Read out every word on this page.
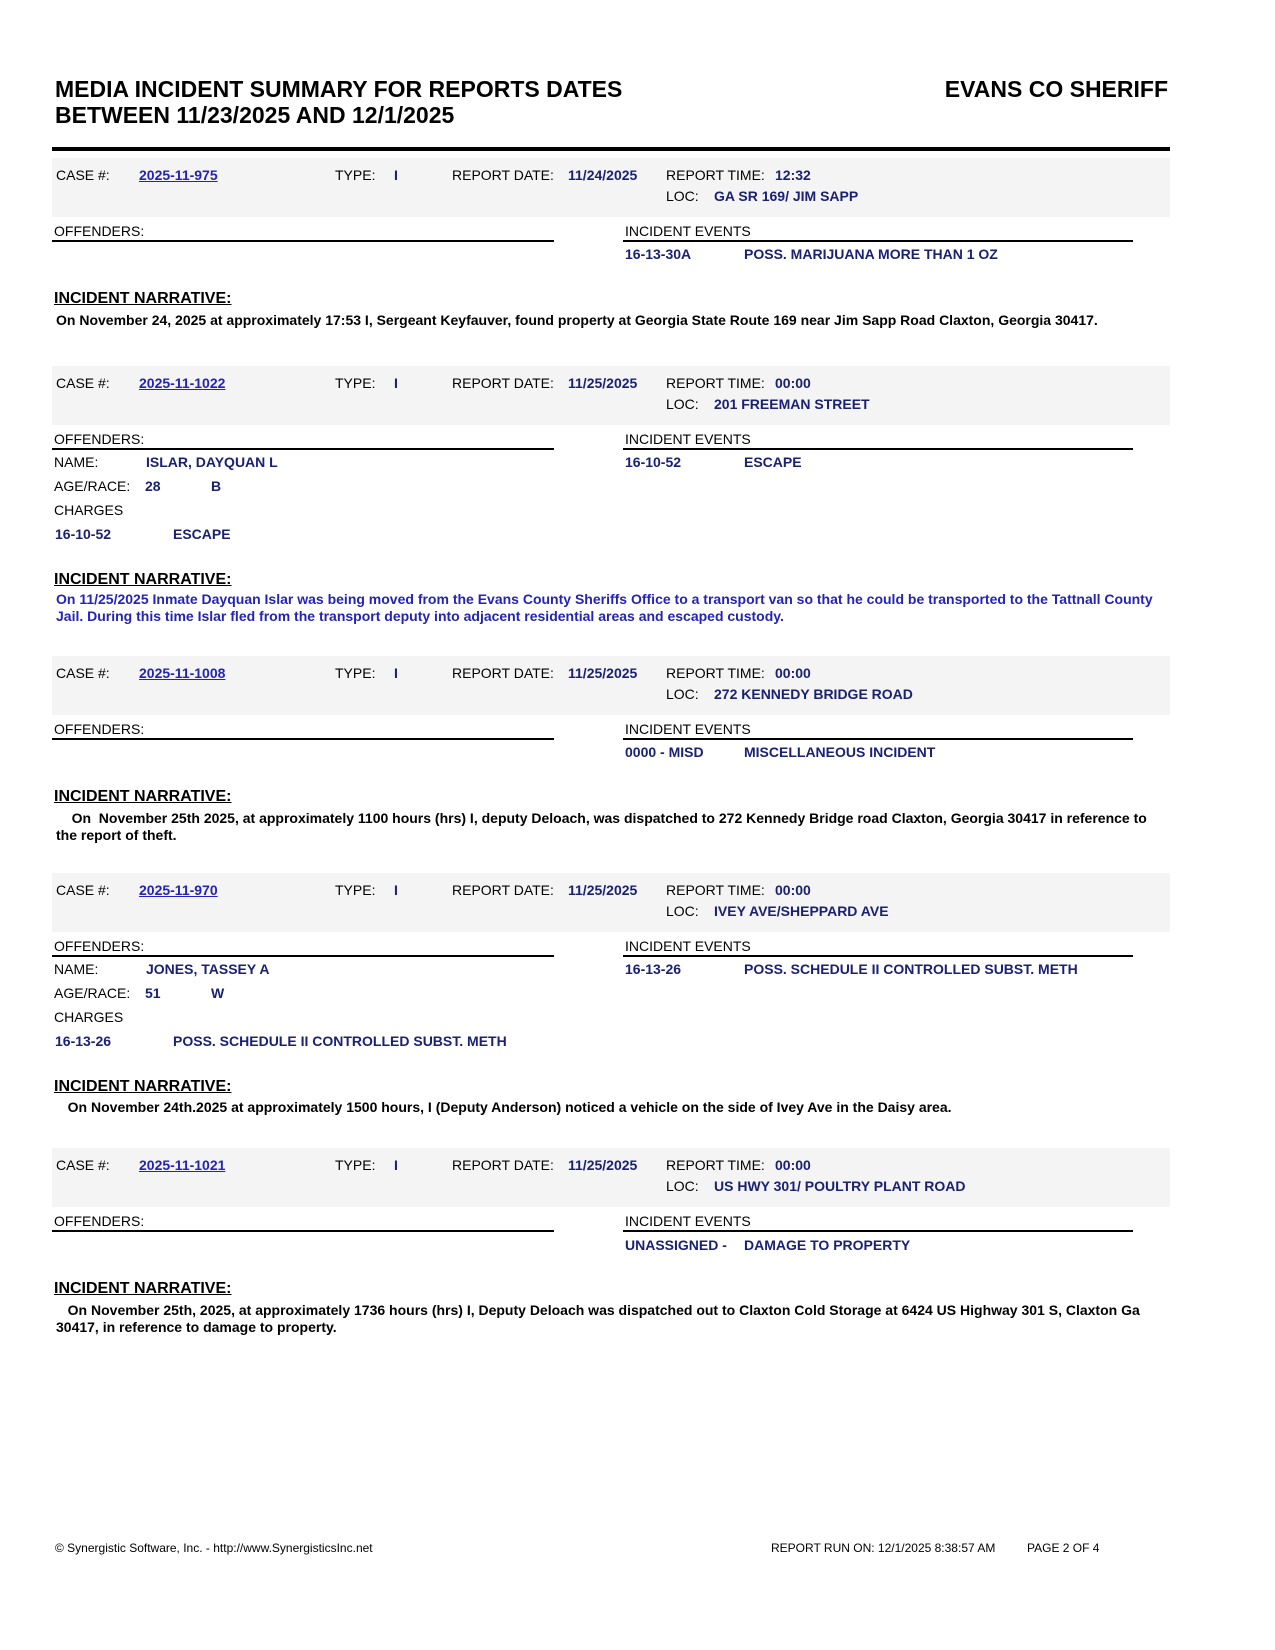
MEDIA INCIDENT SUMMARY FOR REPORTS DATES
BETWEEN 11/23/2025 AND 12/1/2025
EVANS CO SHERIFF
CASE #: 2025-11-975	TYPE: I	REPORT DATE: 11/24/2025 REPORT TIME: 12:32
LOC: GA SR 169/ JIM SAPP
OFFENDERS:	INCIDENT EVENTS
16-13-30A	POSS. MARIJUANA MORE THAN 1 OZ
INCIDENT NARRATIVE:
On November 24, 2025 at approximately 17:53 I, Sergeant Keyfauver, found property at Georgia State Route 169 near Jim Sapp Road Claxton, Georgia 30417.
CASE #: 2025-11-1022	TYPE: I	REPORT DATE: 11/25/2025 REPORT TIME: 00:00
LOC: 201 FREEMAN STREET
OFFENDERS:	INCIDENT EVENTS
16-10-52	ESCAPE
NAME:	ISLAR, DAYQUAN L
AGE/RACE: 28	B
CHARGES
16-10-52	ESCAPE
INCIDENT NARRATIVE:
On 11/25/2025 Inmate Dayquan Islar was being moved from the Evans County Sheriffs Office to a transport van so that he could be transported to the Tattnall County Jail. During this time Islar fled from the transport deputy into adjacent residential areas and escaped custody.
CASE #: 2025-11-1008	TYPE: I	REPORT DATE: 11/25/2025 REPORT TIME: 00:00
LOC: 272 KENNEDY BRIDGE ROAD
OFFENDERS:	INCIDENT EVENTS
0000 - MISD	MISCELLANEOUS INCIDENT
INCIDENT NARRATIVE:
On  November 25th 2025, at approximately 1100 hours (hrs) I, deputy Deloach, was dispatched to 272 Kennedy Bridge road Claxton, Georgia 30417 in reference to the report of theft.
CASE #: 2025-11-970	TYPE: I	REPORT DATE: 11/25/2025 REPORT TIME: 00:00
LOC: IVEY AVE/SHEPPARD AVE
OFFENDERS:	INCIDENT EVENTS
16-13-26	POSS. SCHEDULE II CONTROLLED SUBST. METH
NAME:	JONES, TASSEY A
AGE/RACE: 51	W
CHARGES
16-13-26	POSS. SCHEDULE II CONTROLLED SUBST. METH
INCIDENT NARRATIVE:
On November 24th.2025 at approximately 1500 hours, I (Deputy Anderson) noticed a vehicle on the side of Ivey Ave in the Daisy area.
CASE #: 2025-11-1021	TYPE: I	REPORT DATE: 11/25/2025 REPORT TIME: 00:00
LOC: US HWY 301/ POULTRY PLANT ROAD
OFFENDERS:	INCIDENT EVENTS
UNASSIGNED - DAMAGE TO PROPERTY
INCIDENT NARRATIVE:
On November 25th, 2025, at approximately 1736 hours (hrs) I, Deputy Deloach was dispatched out to Claxton Cold Storage at 6424 US Highway 301 S, Claxton Ga 30417, in reference to damage to property.
© Synergistic Software, Inc. - http://www.SynergisticsInc.net	REPORT RUN ON: 12/1/2025 8:38:57 AM	PAGE 2 OF 4
